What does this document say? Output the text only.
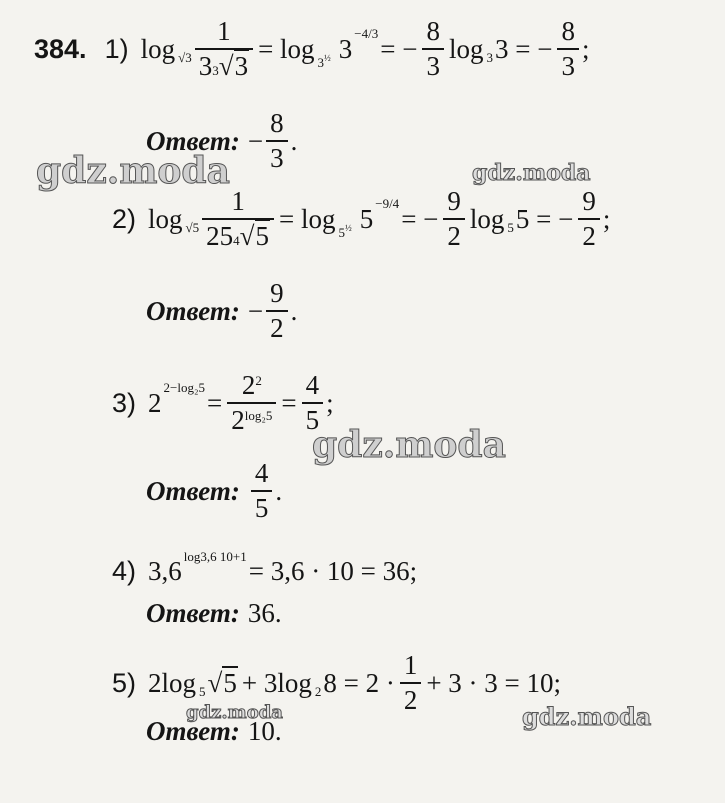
384. 1) $\log √3 \frac{1}{33√3} = \log 3^{\frac{1}{2}}$ 3 −4/3 = − $\frac{8}{3}$ log 3 3 = − $\frac{8}{3}$ ;
Ответ: − $\frac{8}{3}$ .
2) $\log √5 \frac{1}{254√5} = \log 5^{\frac{1}{2}}$ 5 −9/4 = − $\frac{9}{2}$ log 5 5 = − $\frac{9}{2}$ ;
Ответ: − $\frac{9}{2}$ .
3) 2 $2-\log_25 = \frac{2^2}{2^{log_25}} = \frac{4}{5}$ ;
Ответ: $\frac{4}{5}$ .
4) 3,6 log3,6 10+1 = 3,6 · 10 = 36;
Ответ: 36.
5) 2log 5 √5 + 3log 2 $8 = 2 \cdot \frac{1}{2} + 3 \cdot 3 = 10$;
Ответ: 10.
gdz.moda	gdz.moda
gdz.moda
gdz.moda	gdz.moda
